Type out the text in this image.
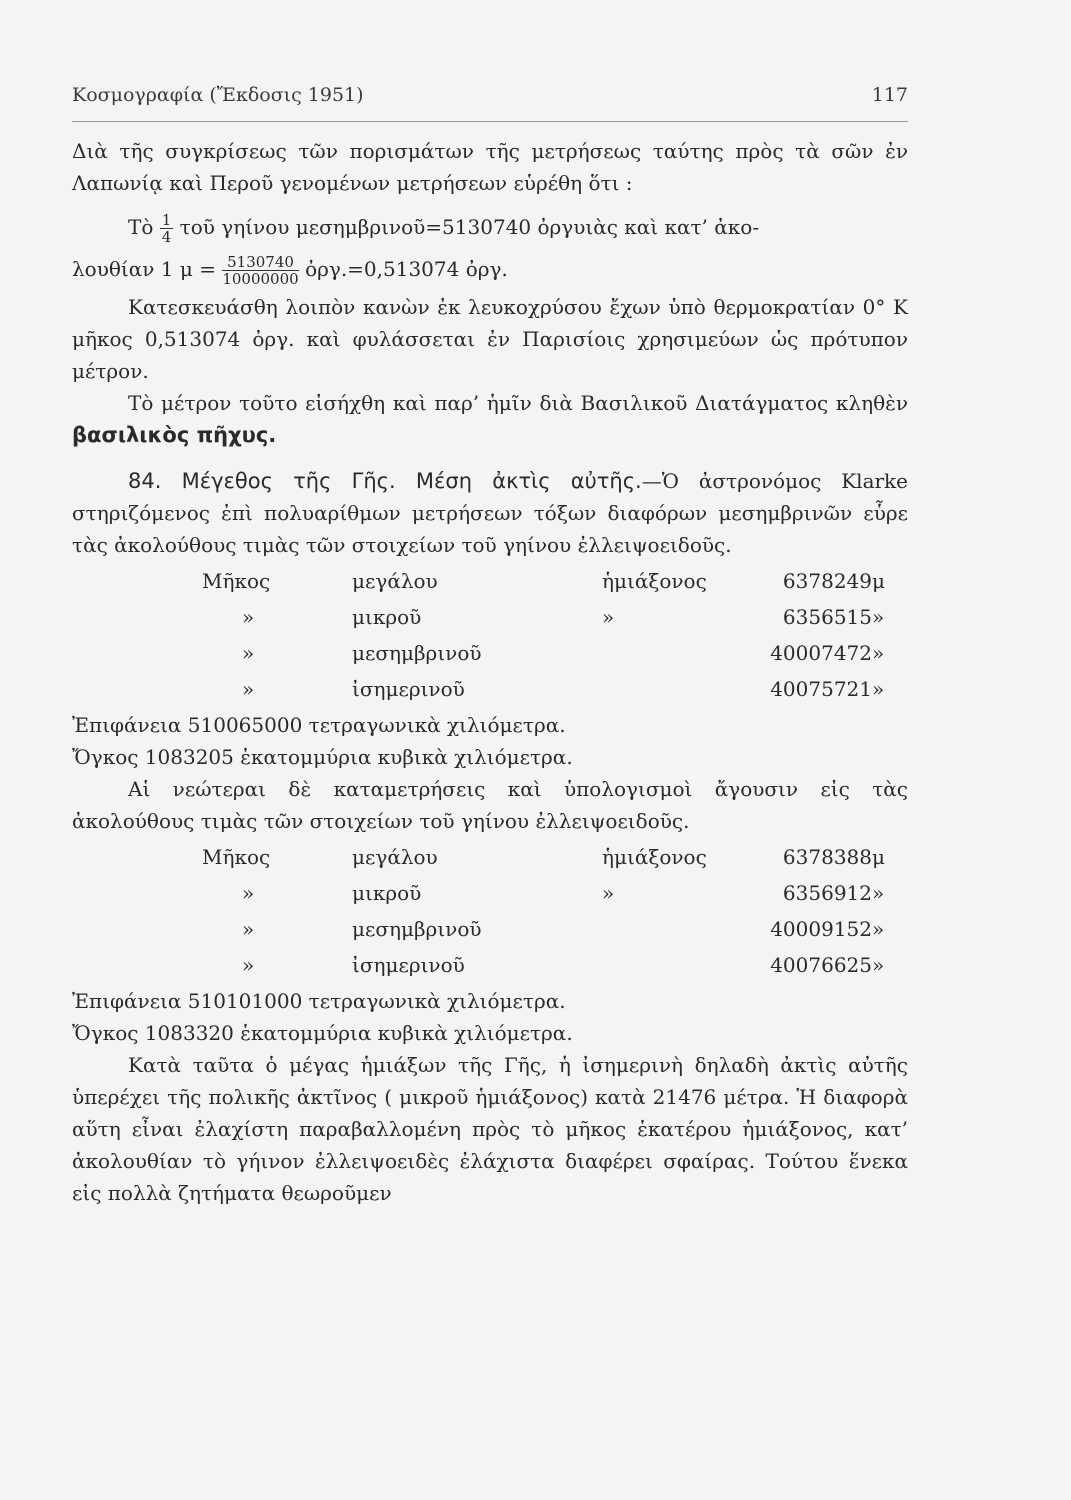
Κοσμογραφία (Ἔκδοσις 1951)	117

Διὰ τῆς συγκρίσεως τῶν πορισμάτων τῆς μετρήσεως ταύτης πρὸς τὰ σῶν ἐν Λαπωνίᾳ καὶ Περοῦ γενομένων μετρήσεων εὑρέθη ὅτι :

Τὸ $\frac{1}{4}$ τοῦ γηίνου μεσημβρινοῦ=5130740 ὀργυιὰς καὶ κατ’ ἀκο-
λουθίαν 1 $\mu = \frac{5130740}{10000000}$ ὀργ.=0,513074 ὀργ.

Κατεσκευάσθη λοιπὸν κανὼν ἐκ λευκοχρύσου ἔχων ὑπὸ θερμοκρατίαν 0° Κ μῆκος 0,513074 ὀργ. καὶ φυλάσσεται ἐν Παρισίοις χρησιμεύων ὡς πρότυπον μέτρον.

Τὸ μέτρον τοῦτο εἰσήχθη καὶ παρ’ ἡμῖν διὰ Βασιλικοῦ Διατάγματος κληθὲν βασιλικὸς πῆχυς.

84. Μέγεθος τῆς Γῆς. Μέση ἀκτὶς αὐτῆς.—Ὁ ἀστρονόμος Klarke στηριζόμενος ἐπὶ πολυαρίθμων μετρήσεων τόξων διαφόρων μεσημβρινῶν εὗρε τὰς ἀκολούθους τιμὰς τῶν στοιχείων τοῦ γηίνου ἐλλειψοειδοῦς.

Μῆκος	μεγάλου	ἡμιάξονος	6378249	μ
»	μικροῦ	»	6356515	»
»	μεσημβρινοῦ		40007472	»
»	ἰσημερινοῦ		40075721	»

Ἐπιφάνεια 510065000 τετραγωνικὰ χιλιόμετρα.

Ὄγκος 1083205 ἑκατομμύρια κυβικὰ χιλιόμετρα.

Αἱ νεώτεραι δὲ καταμετρήσεις καὶ ὑπολογισμοὶ ἄγουσιν εἰς τὰς ἀκολούθους τιμὰς τῶν στοιχείων τοῦ γηίνου ἐλλειψοειδοῦς.

Μῆκος	μεγάλου	ἡμιάξονος	6378388	μ
»	μικροῦ	»	6356912	»
»	μεσημβρινοῦ		40009152	»
»	ἰσημερινοῦ		40076625	»

Ἐπιφάνεια 510101000 τετραγωνικὰ χιλιόμετρα.

Ὄγκος 1083320 ἑκατομμύρια κυβικὰ χιλιόμετρα.

Κατὰ ταῦτα ὁ μέγας ἡμιάξων τῆς Γῆς, ἡ ἰσημερινὴ δηλαδὴ ἀκτὶς αὐτῆς ὑπερέχει τῆς πολικῆς ἀκτῖνος ( μικροῦ ἡμιάξονος) κατὰ 21476 μέτρα. Ἡ διαφορὰ αὕτη εἶναι ἐλαχίστη παραβαλλομένη πρὸς τὸ μῆκος ἑκατέρου ἡμιάξονος, κατ’ ἀκολουθίαν τὸ γήινον ἐλλειψοειδὲς ἐλάχιστα διαφέρει σφαίρας. Τούτου ἕνεκα εἰς πολλὰ ζητήματα θεωροῦμεν
